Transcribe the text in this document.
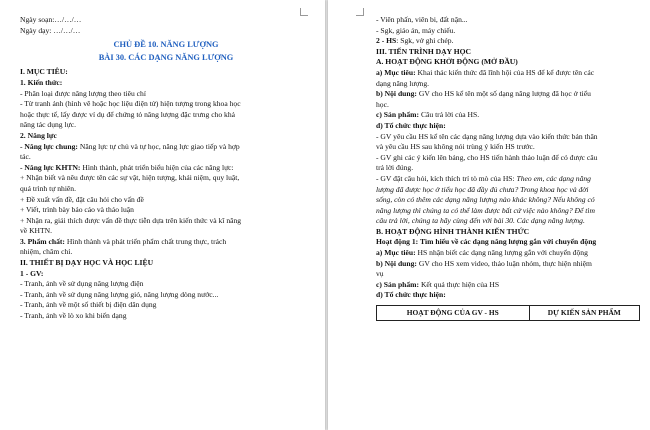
Ngày soạn:…/…/…
Ngày dạy: …/…/…
CHỦ ĐỀ 10. NĂNG LƯỢNG
BÀI 30. CÁC DẠNG NĂNG LƯỢNG
I. MỤC TIÊU:
1. Kiến thức:
- Phân loại được năng lượng theo tiêu chí
- Từ tranh ảnh (hình vẽ hoặc học liệu điện tử) hiện tượng trong khoa học
hoặc thực tế, lấy được ví dụ để chứng tỏ năng lượng đặc trưng cho khả
năng tác dụng lực.
2. Năng lực
- Năng lực chung: Năng lực tự chủ và tự học, năng lực giao tiếp và hợp
tác.
- Năng lực KHTN: Hình thành, phát triển biểu hiện của các năng lực:
+ Nhận biết và nêu được tên các sự vật, hiện tượng, khái niệm, quy luật,
quá trình tự nhiên.
+ Đề xuất vấn đề, đặt câu hỏi cho vấn đề
+ Viết, trình bày báo cáo và thảo luận
+ Nhận ra, giải thích được vấn đề thực tiễn dựa trên kiến thức và kĩ năng
về KHTN.
3. Phẩm chất: Hình thành và phát triển phẩm chất trung thực, trách
nhiệm, chăm chỉ.
II. THIẾT BỊ DẠY HỌC VÀ HỌC LIỆU
1 - GV:
- Tranh, ảnh về sử dụng năng lượng điện
- Tranh, ảnh về sử dụng năng lượng gió, năng lượng dòng nước...
- Tranh, ảnh về một số thiết bị điện dân dụng
- Tranh, ảnh về lò xo khi biến dạng
- Viên phấn, viên bi, đất nặn...
- Sgk, giáo án, máy chiếu.
2 - HS: Sgk, vở ghi chép.
III. TIẾN TRÌNH DẠY HỌC
A. HOẠT ĐỘNG KHỞI ĐỘNG (MỞ ĐẦU)
a) Mục tiêu: Khai thác kiến thức đã lĩnh hội của HS để kể được tên các
dạng năng lượng.
b) Nội dung: GV cho HS kể tên một số dạng năng lượng đã học ở tiểu
học.
c) Sản phẩm: Câu trả lời của HS.
d) Tổ chức thực hiện:
- GV yêu cầu HS kể tên các dạng năng lượng dựa vào kiến thức bản thân
và yêu cầu HS sau không nói trùng ý kiến HS trước.
- GV ghi các ý kiến lên bảng, cho HS tiến hành thảo luận để có được câu
trả lời đúng.
- GV đặt câu hỏi, kích thích trí tò mò của HS: Theo em, các dạng năng
lượng đã được học ở tiểu học đã đầy đủ chưa? Trong khoa học và đời
sống, còn có thêm các dạng năng lượng nào khác không? Nếu không có
năng lượng thì chúng ta có thể làm được bất cứ việc nào không? Để tìm
câu trả lời, chúng ta hãy cùng đến với bài 30. Các dạng năng lượng.
B. HOẠT ĐỘNG HÌNH THÀNH KIẾN THỨC
Hoạt động 1: Tìm hiểu về các dạng năng lượng gắn với chuyển động
a) Mục tiêu: HS nhận biết các dạng năng lượng gắn với chuyển động
b) Nội dung: GV cho HS xem video, thảo luận nhóm, thực hiện nhiệm
vụ
c) Sản phẩm: Kết quả thực hiện của HS
d) Tổ chức thực hiện:
HOẠT ĐỘNG CỦA GV - HS	DỰ KIẾN SẢN PHẨM
